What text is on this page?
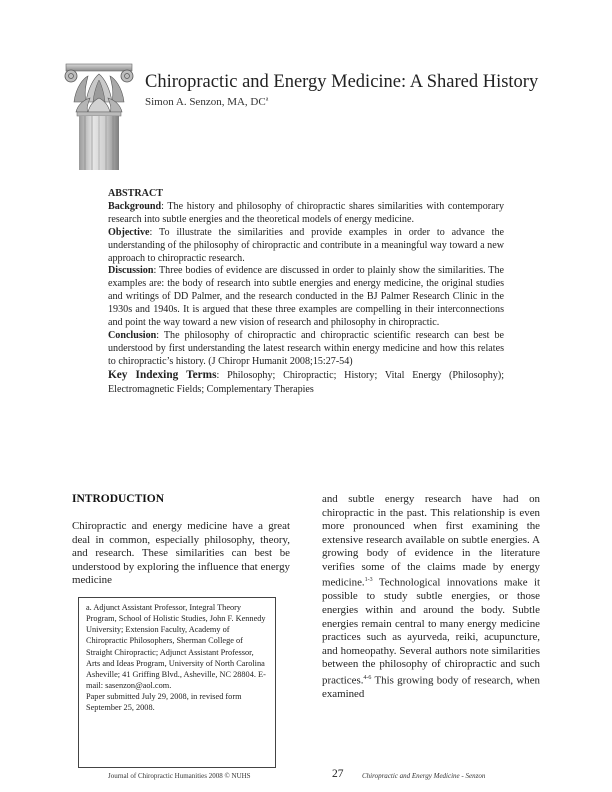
Chiropractic and Energy Medicine: A Shared History
Simon A. Senzon, MA, $DC^a$

ABSTRACT

Background: The history and philosophy of chiropractic shares similarities with contemporary research into subtle energies and the theoretical models of energy medicine.

Objective: To illustrate the similarities and provide examples in order to advance the understanding of the philosophy of chiropractic and contribute in a meaningful way toward a new approach to chiropractic research.

Discussion: Three bodies of evidence are discussed in order to plainly show the similarities. The examples are: the body of research into subtle energies and energy medicine, the original studies and writings of DD Palmer, and the research conducted in the BJ Palmer Research Clinic in the 1930s and 1940s. It is argued that these three examples are compelling in their interconnections and point the way toward a new vision of research and philosophy in chiropractic.

Conclusion: The philosophy of chiropractic and chiropractic scientific research can best be understood by first understanding the latest research within energy medicine and how this relates to chiropractic’s history. (J Chiropr Humanit 2008;15:27-54)

Key Indexing Terms: Philosophy; Chiropractic; History; Vital Energy (Philosophy); Electromagnetic Fields; Complementary Therapies

INTRODUCTION

Chiropractic and energy medicine have a great deal in common, especially philosophy, theory, and research. These similarities can best be understood by exploring the influence that energy medicine

a. Adjunct Assistant Professor, Integral Theory Program, School of Holistic Studies, John F. Kennedy University; Extension Faculty, Academy of Chiropractic Philosophers, Sherman College of Straight Chiropractic; Adjunct Assistant Professor, Arts and Ideas Program, University of North Carolina Asheville; 41 Griffing Blvd., Asheville, NC 28804. E-mail: sasenzon@aol.com.

Paper submitted July 29, 2008, in revised form September 25, 2008.

and subtle energy research have had on chiropractic in the past. This relationship is even more pronounced when first examining the extensive research available on subtle energies. A growing body of evidence in the literature verifies some of the claims made by energy medicine.$^{1-3}$ Technological innovations make it possible to study subtle energies, or those energies within and around the body. Subtle energies remain central to many energy medicine practices such as ayurveda, reiki, acupuncture, and homeopathy. Several authors note similarities between the philosophy of chiropractic and such practices.$^{4-6}$ This growing body of research, when examined

Journal of Chiropractic Humanities 2008 © NUHS	27	Chiropractic and Energy Medicine - Senzon
